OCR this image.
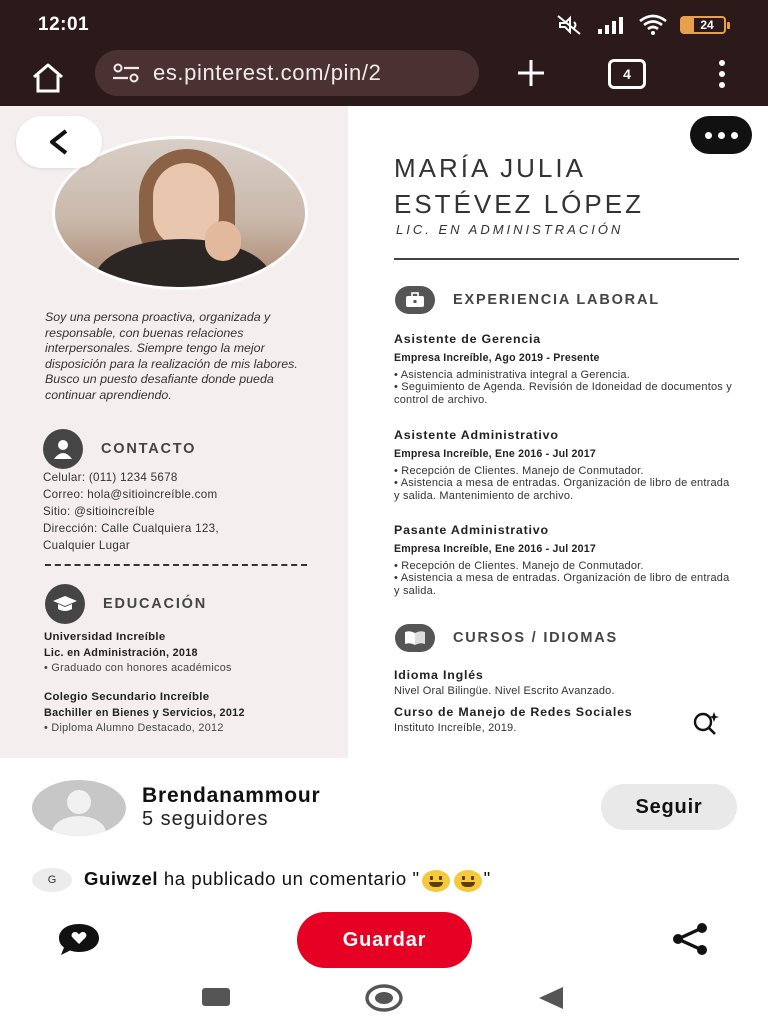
12:01	24
es.pinterest.com/pin/2	4

Soy una persona proactiva, organizada y responsable, con buenas relaciones interpersonales. Siempre tengo la mejor disposición para la realización de mis labores. Busco un puesto desafiante donde pueda continuar aprendiendo.

CONTACTO
Celular: (011) 1234 5678
Correo: hola@sitioincreíble.com
Sitio: @sitioincreíble
Dirección: Calle Cualquiera 123,
Cualquier Lugar
EDUCACIÓN
Universidad Increíble
Lic. en Administración, 2018
• Graduado con honores académicos
Colegio Secundario Increíble
Bachiller en Bienes y Servicios, 2012
• Diploma Alumno Destacado, 2012
MARÍA JULIA
ESTÉVEZ LÓPEZ
LIC. EN ADMINISTRACIÓN
EXPERIENCIA LABORAL
Asistente de Gerencia
Empresa Increíble, Ago 2019 - Presente
• Asistencia administrativa integral a Gerencia.
• Seguimiento de Agenda. Revisión de Idoneidad de documentos y control de archivo.
Asistente Administrativo
Empresa Increíble, Ene 2016 - Jul 2017
• Recepción de Clientes. Manejo de Conmutador.
• Asistencia a mesa de entradas. Organización de libro de entrada y salida. Mantenimiento de archivo.
Pasante Administrativo
Empresa Increíble, Ene 2016 - Jul 2017
• Recepción de Clientes. Manejo de Conmutador.
• Asistencia a mesa de entradas. Organización de libro de entrada y salida.
CURSOS / IDIOMAS
Idioma Inglés
Nivel Oral Bilingüe. Nivel Escrito Avanzado.
Curso de Manejo de Redes Sociales
Instituto Increíble, 2019.
Brendanammour
5 seguidores
Seguir
G	Guiwzel ha publicado un comentario "	"
Guardar
